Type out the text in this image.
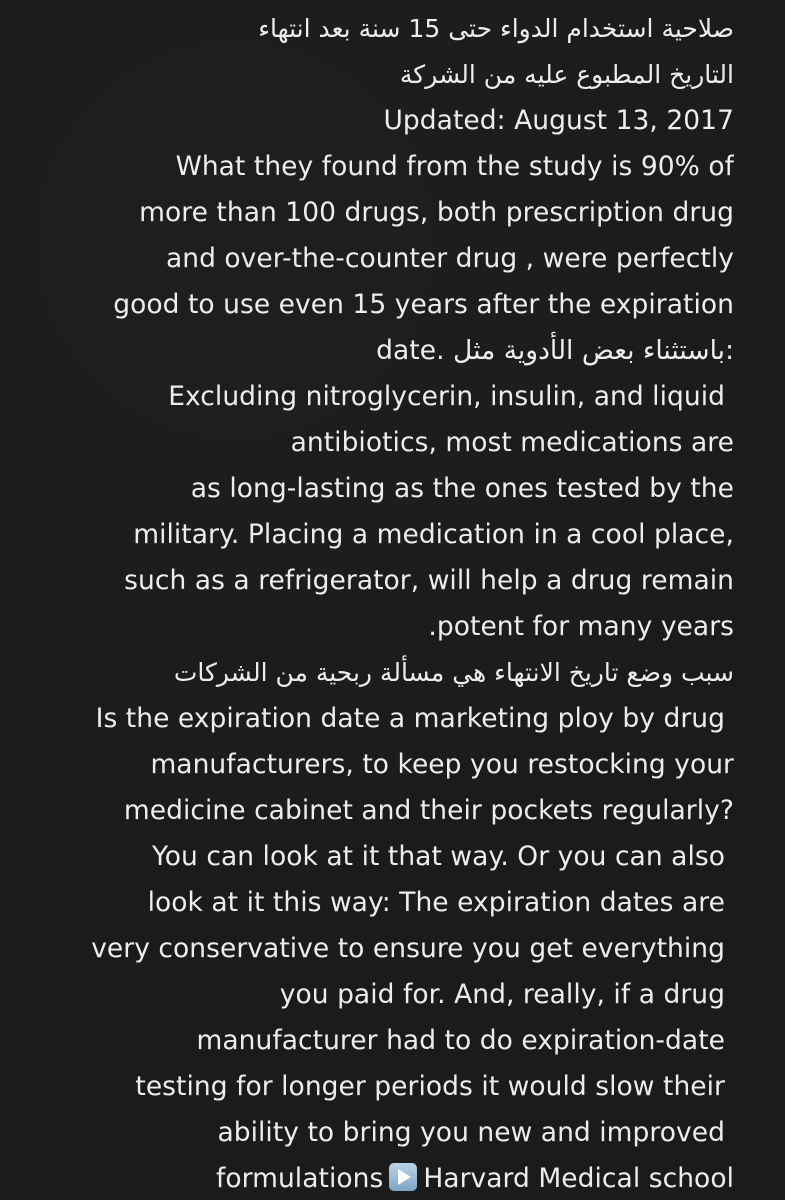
صلاحية استخدام الدواء حتى 15 سنة بعد انتهاء
التاريخ المطبوع عليه من الشركة
Updated: August 13, 2017
What they found from the study is 90% of
more than 100 drugs, both prescription drug
and over-the-counter drug , were perfectly
good to use even 15 years after the expiration
date. باستثناء بعض الأدوية مثل:
Excluding nitroglycerin, insulin, and liquid
antibiotics, most medications are
as long-lasting as the ones tested by the
military. Placing a medication in a cool place,
such as a refrigerator, will help a drug remain
.potent for many years
سبب وضع تاريخ الانتهاء هي مسألة ربحية من الشركات
Is the expiration date a marketing ploy by drug
manufacturers, to keep you restocking your
medicine cabinet and their pockets regularly?
You can look at it that way. Or you can also
look at it this way: The expiration dates are
very conservative to ensure you get everything
you paid for. And, really, if a drug
manufacturer had to do expiration-date
testing for longer periods it would slow their
ability to bring you new and improved
formulations Harvard Medical school
